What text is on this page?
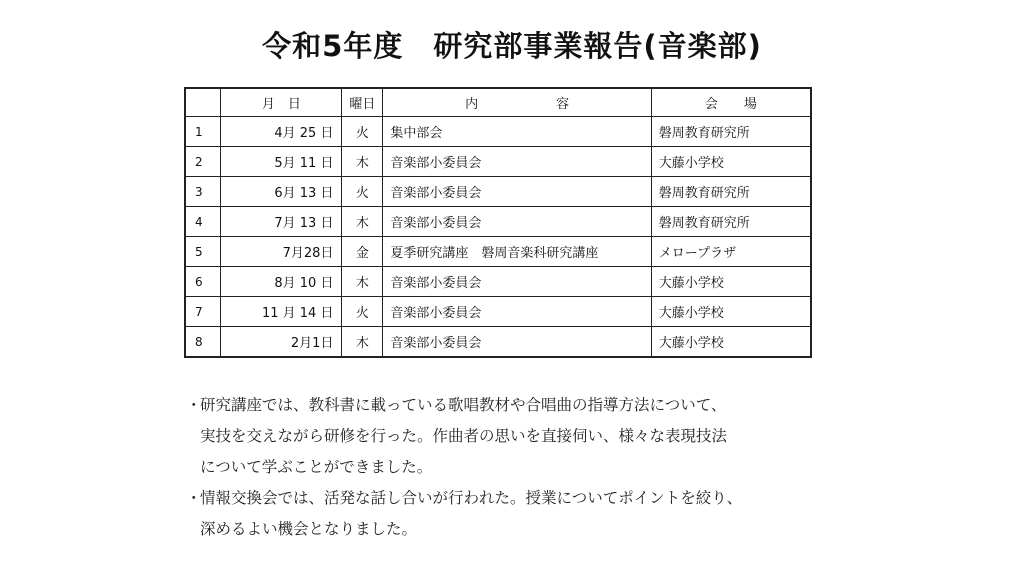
令和5年度　研究部事業報告(音楽部)
	月　日	曜日	内　　　　　　容	会　　場
1	4月 25 日	火	集中部会	磐周教育研究所
2	5月 11 日	木	音楽部小委員会	大藤小学校
3	6月 13 日	火	音楽部小委員会	磐周教育研究所
4	7月 13 日	木	音楽部小委員会	磐周教育研究所
5	7月28日	金	夏季研究講座　磐周音楽科研究講座	メロープラザ
6	8月 10 日	木	音楽部小委員会	大藤小学校
7	11 月 14 日	火	音楽部小委員会	大藤小学校
8	2月1日	木	音楽部小委員会	大藤小学校
・
研究講座では、教科書に載っている歌唱教材や合唱曲の指導方法について、
実技を交えながら研修を行った。作曲者の思いを直接伺い、様々な表現技法
について学ぶことができました。
・
情報交換会では、活発な話し合いが行われた。授業についてポイントを絞り、
深めるよい機会となりました。
